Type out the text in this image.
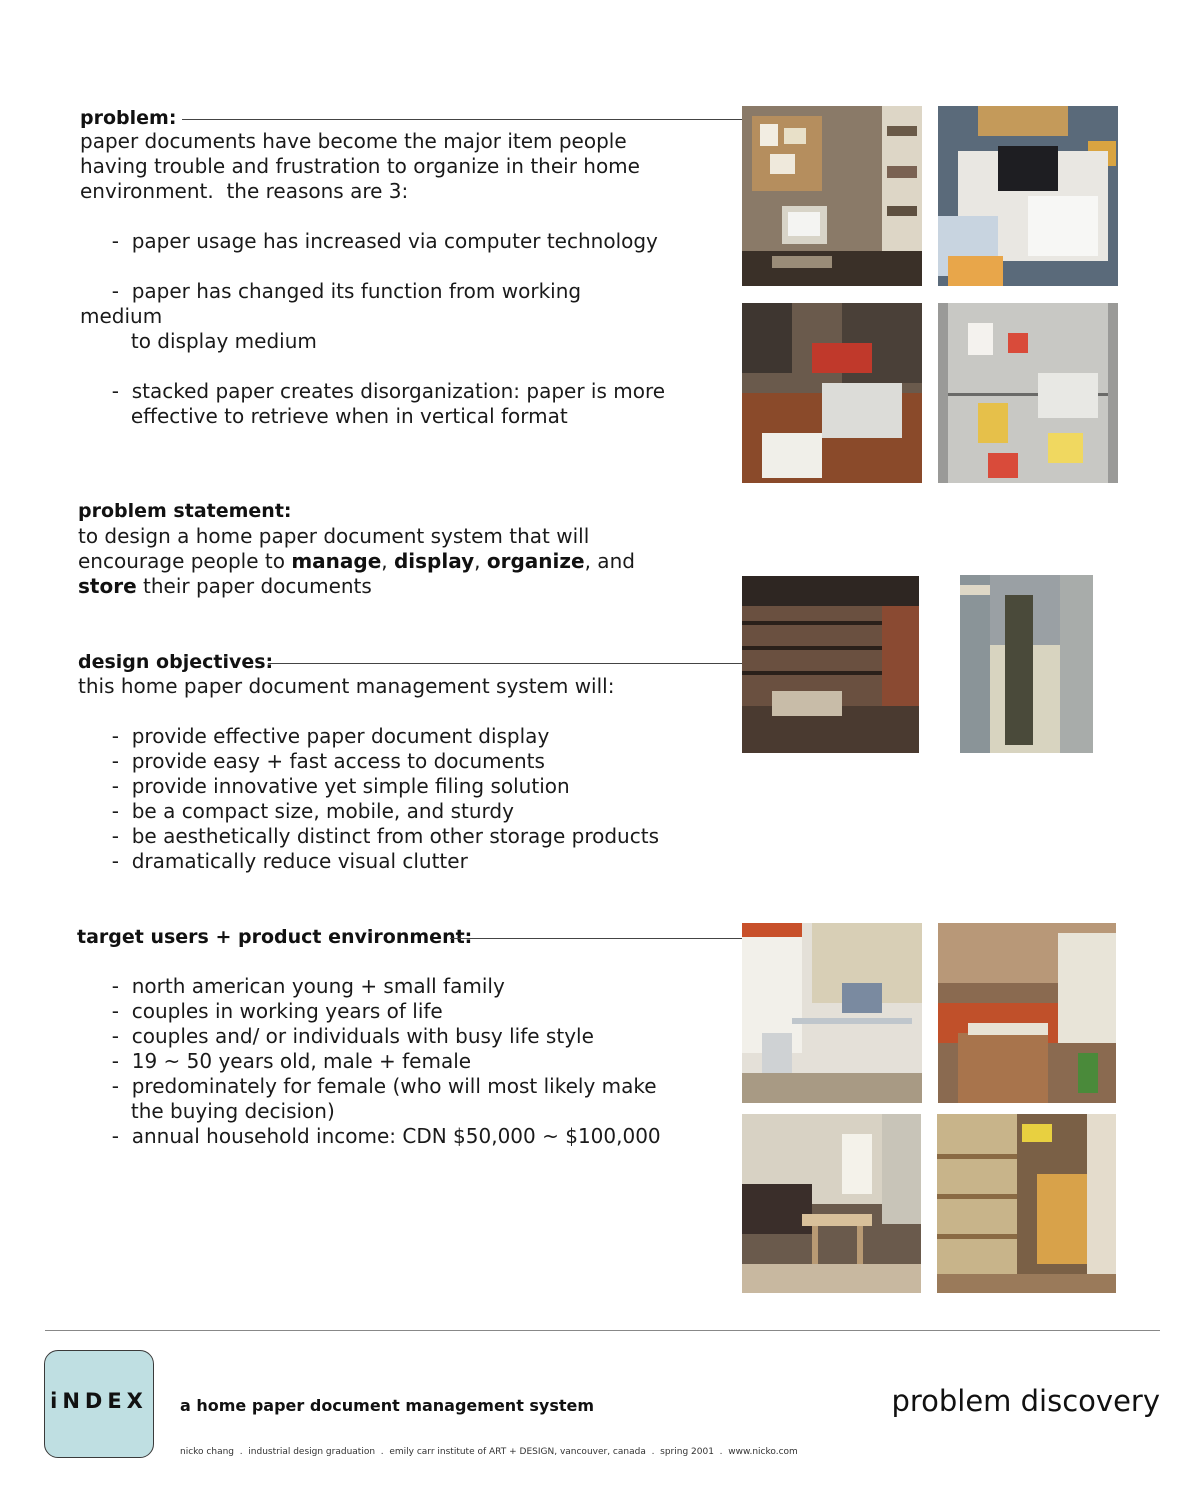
problem:
paper documents have become the major item people
having trouble and frustration to organize in their home
environment.  the reasons are 3:
-  paper usage has increased via computer technology
-  paper has changed its function from working
medium
to display medium
-  stacked paper creates disorganization: paper is more
effective to retrieve when in vertical format
problem statement:
to design a home paper document system that will
encourage people to manage, display, organize, and
store their paper documents
design objectives:
this home paper document management system will:
-  provide effective paper document display
-  provide easy + fast access to documents
-  provide innovative yet simple filing solution
-  be a compact size, mobile, and sturdy
-  be aesthetically distinct from other storage products
-  dramatically reduce visual clutter
target users + product environment:
-  north american young + small family
-  couples in working years of life
-  couples and/ or individuals with busy life style
-  19 ~ 50 years old, male + female
-  predominately for female (who will most likely make
the buying decision)
-  annual household income: CDN $50,000 ~ $100,000
iNDEX	a home paper document management system	problem discovery
nicko chang  .  industrial design graduation  .  emily carr institute of ART + DESIGN, vancouver, canada  .  spring 2001  .  www.nicko.com
